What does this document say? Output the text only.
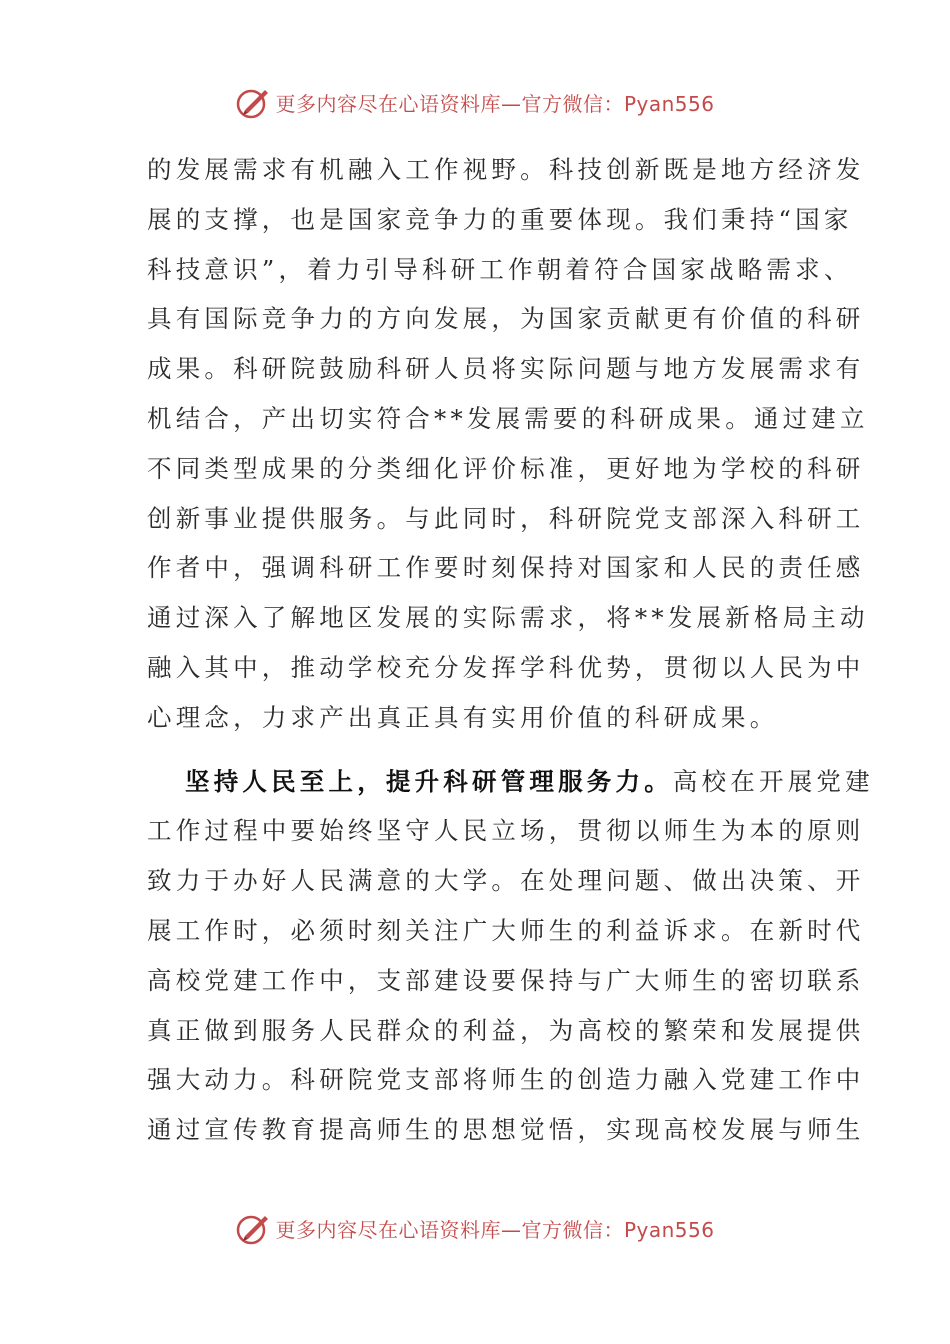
更多内容尽在心语资料库—官方微信：Pyan556
的发展需求有机融入工作视野。科技创新既是地方经济发
展的支撑，也是国家竞争力的重要体现。我们秉持“国家
科技意识”，着力引导科研工作朝着符合国家战略需求、
具有国际竞争力的方向发展，为国家贡献更有价值的科研
成果。科研院鼓励科研人员将实际问题与地方发展需求有
机结合，产出切实符合**发展需要的科研成果。通过建立
不同类型成果的分类细化评价标准，更好地为学校的科研
创新事业提供服务。与此同时，科研院党支部深入科研工
作者中，强调科研工作要时刻保持对国家和人民的责任感
通过深入了解地区发展的实际需求，将**发展新格局主动
融入其中，推动学校充分发挥学科优势，贯彻以人民为中
心理念，力求产出真正具有实用价值的科研成果。
坚持人民至上，提升科研管理服务力。高校在开展党建
工作过程中要始终坚守人民立场，贯彻以师生为本的原则
致力于办好人民满意的大学。在处理问题、做出决策、开
展工作时，必须时刻关注广大师生的利益诉求。在新时代
高校党建工作中，支部建设要保持与广大师生的密切联系
真正做到服务人民群众的利益，为高校的繁荣和发展提供
强大动力。科研院党支部将师生的创造力融入党建工作中
通过宣传教育提高师生的思想觉悟，实现高校发展与师生
更多内容尽在心语资料库—官方微信：Pyan556
